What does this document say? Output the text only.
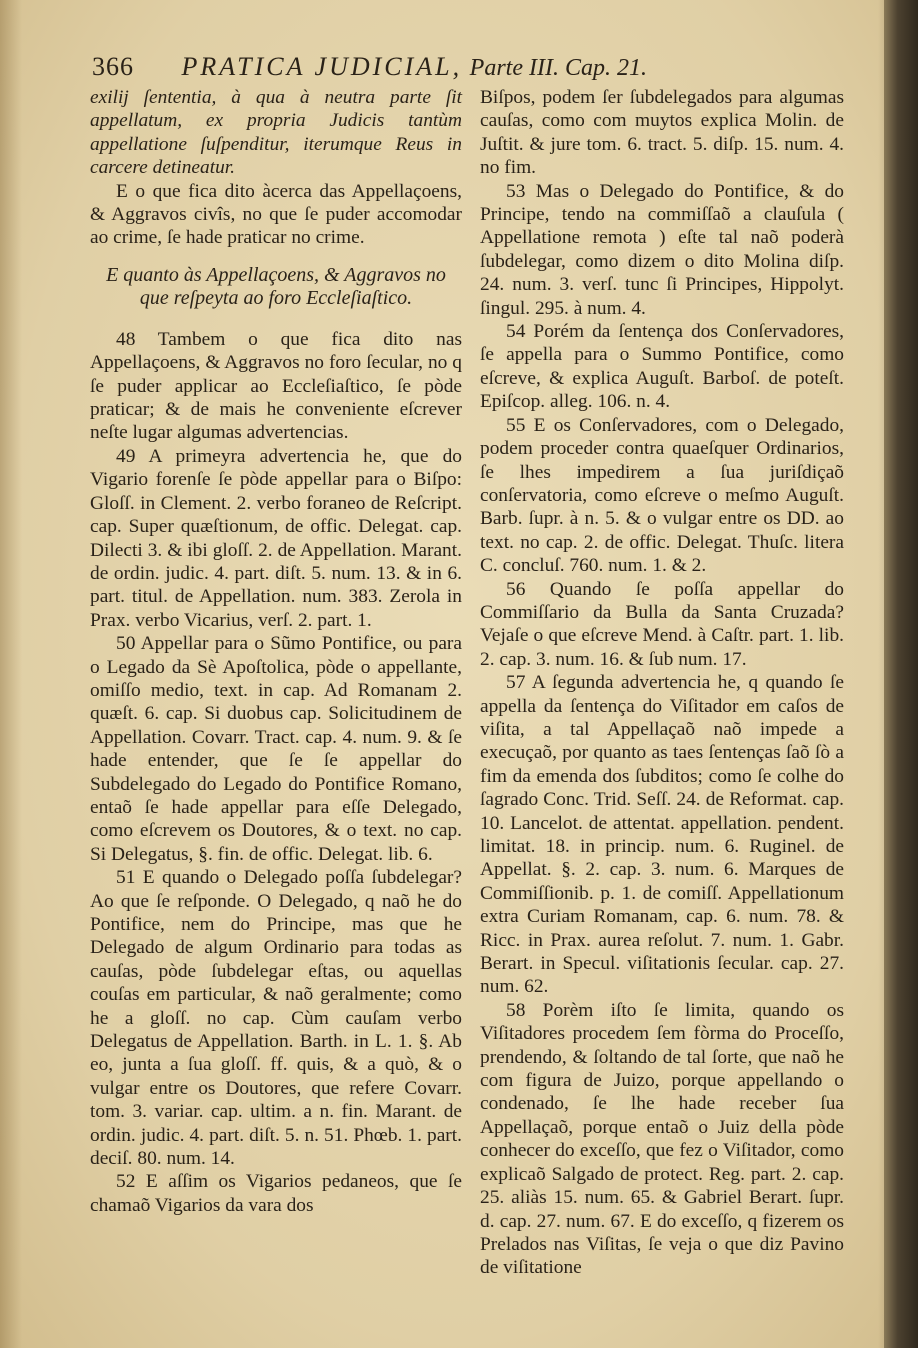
366 PRATICA JUDICIAL, Parte III. Cap. 21.

exilij ſententia, à qua à neutra parte ſit appellatum, ex propria Judicis tantùm appellatione ſuſpenditur, iterumque Reus in carcere detineatur.

E o que fica dito àcerca das Appellaçoens, & Aggravos civîs, no que ſe puder accomodar ao crime, ſe hade praticar no crime.

E quanto às Appellaçoens, & Aggravos no que reſpeyta ao foro Eccleſiaſtico.

48 Tambem o que fica dito nas Appellaçoens, & Aggravos no foro ſecular, no q ſe puder applicar ao Eccleſiaſtico, ſe pòde praticar; & de mais he conveniente eſcrever neſte lugar algumas advertencias.

49 A primeyra advertencia he, que do Vigario forenſe ſe pòde appellar para o Biſpo: Gloſſ. in Clement. 2. verbo foraneo de Reſcript. cap. Super quæſtionum, de offic. Delegat. cap. Dilecti 3. & ibi gloſſ. 2. de Appellation. Marant. de ordin. judic. 4. part. diſt. 5. num. 13. & in 6. part. titul. de Appellation. num. 383. Zerola in Prax. verbo Vicarius, verſ. 2. part. 1.

50 Appellar para o Sũmo Pontifice, ou para o Legado da Sè Apoſtolica, pòde o appellante, omiſſo medio, text. in cap. Ad Romanam 2. quæſt. 6. cap. Si duobus cap. Solicitudinem de Appellation. Covarr. Tract. cap. 4. num. 9. & ſe hade entender, que ſe ſe appellar do Subdelegado do Legado do Pontifice Romano, entaõ ſe hade appellar para eſſe Delegado, como eſcrevem os Doutores, & o text. no cap. Si Delegatus, §. fin. de offic. Delegat. lib. 6.

51 E quando o Delegado poſſa ſubdelegar? Ao que ſe reſponde. O Delegado, q naõ he do Pontifice, nem do Principe, mas que he Delegado de algum Ordinario para todas as cauſas, pòde ſubdelegar eſtas, ou aquellas couſas em particular, & naõ geralmente; como he a gloſſ. no cap. Cùm cauſam verbo Delegatus de Appellation. Barth. in L. 1. §. Ab eo, junta a ſua gloſſ. ff. quis, & a quò, & o vulgar entre os Doutores, que refere Covarr. tom. 3. variar. cap. ultim. a n. fin. Marant. de ordin. judic. 4. part. diſt. 5. n. 51. Phœb. 1. part. deciſ. 80. num. 14.

52 E aſſim os Vigarios pedaneos, que ſe chamaõ Vigarios da vara dos

Biſpos, podem ſer ſubdelegados para algumas cauſas, como com muytos explica Molin. de Juſtit. & jure tom. 6. tract. 5. diſp. 15. num. 4. no fim.

53 Mas o Delegado do Pontifice, & do Principe, tendo na commiſſaõ a clauſula ( Appellatione remota ) eſte tal naõ poderà ſubdelegar, como dizem o dito Molina diſp. 24. num. 3. verſ. tunc ſi Principes, Hippolyt. ſingul. 295. à num. 4.

54 Porém da ſentença dos Conſervadores, ſe appella para o Summo Pontifice, como eſcreve, & explica Auguſt. Barboſ. de poteſt. Epiſcop. alleg. 106. n. 4.

55 E os Conſervadores, com o Delegado, podem proceder contra quaeſquer Ordinarios, ſe lhes impedirem a ſua juriſdiçaõ conſervatoria, como eſcreve o meſmo Auguſt. Barb. ſupr. à n. 5. & o vulgar entre os DD. ao text. no cap. 2. de offic. Delegat. Thuſc. litera C. concluſ. 760. num. 1. & 2.

56 Quando ſe poſſa appellar do Commiſſario da Bulla da Santa Cruzada? Vejaſe o que eſcreve Mend. à Caſtr. part. 1. lib. 2. cap. 3. num. 16. & ſub num. 17.

57 A ſegunda advertencia he, q quando ſe appella da ſentença do Viſitador em caſos de viſita, a tal Appellaçaõ naõ impede a execuçaõ, por quanto as taes ſentenças ſaõ ſò a fim da emenda dos ſubditos; como ſe colhe do ſagrado Conc. Trid. Seſſ. 24. de Reformat. cap. 10. Lancelot. de attentat. appellation. pendent. limitat. 18. in princip. num. 6. Ruginel. de Appellat. §. 2. cap. 3. num. 6. Marques de Commiſſionib. p. 1. de comiſſ. Appellationum extra Curiam Romanam, cap. 6. num. 78. & Ricc. in Prax. aurea reſolut. 7. num. 1. Gabr. Berart. in Specul. viſitationis ſecular. cap. 27. num. 62.

58 Porèm iſto ſe limita, quando os Viſitadores procedem ſem fòrma do Proceſſo, prendendo, & ſoltando de tal ſorte, que naõ he com figura de Juizo, porque appellando o condenado, ſe lhe hade receber ſua Appellaçaõ, porque entaõ o Juiz della pòde conhecer do exceſſo, que fez o Viſitador, como explicaõ Salgado de protect. Reg. part. 2. cap. 25. aliàs 15. num. 65. & Gabriel Berart. ſupr. d. cap. 27. num. 67. E do exceſſo, q fizerem os Prelados nas Viſitas, ſe veja o que diz Pavino de viſitatione
